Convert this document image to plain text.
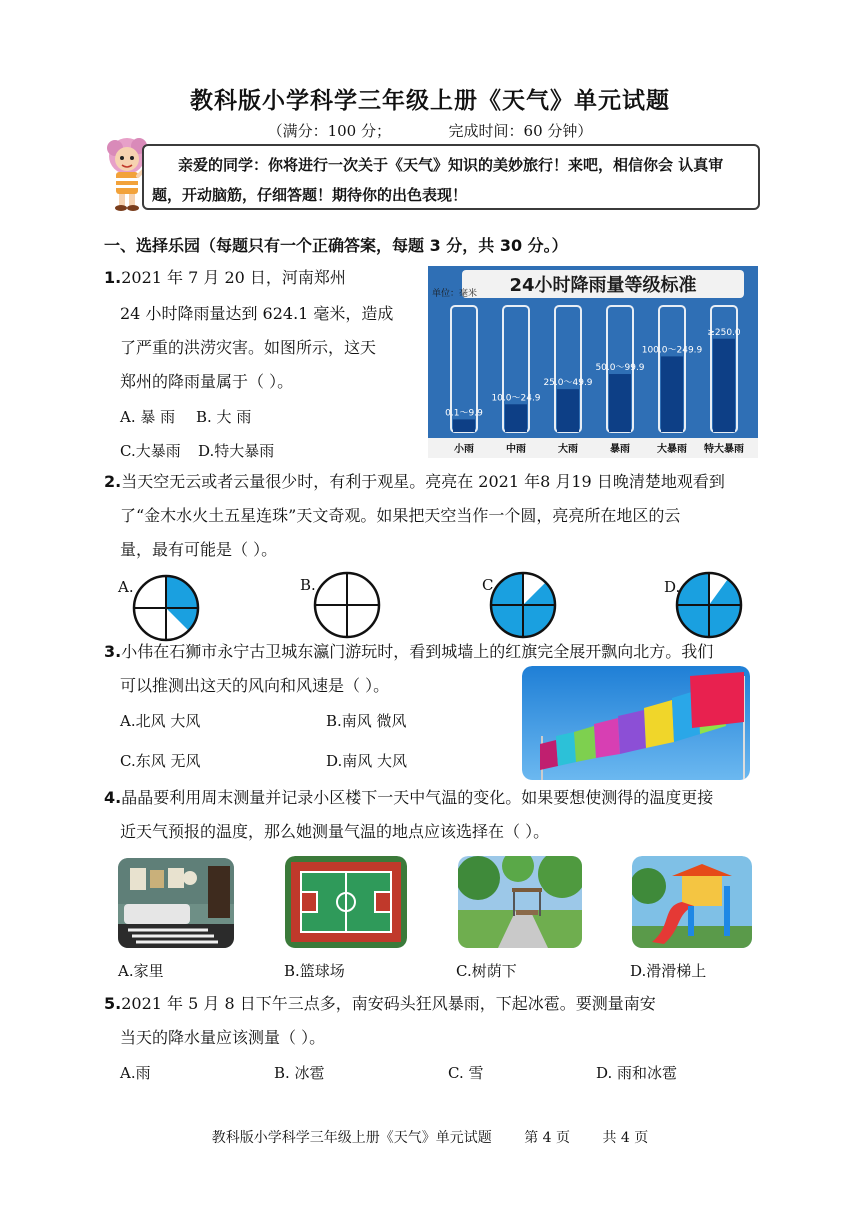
教科版小学科学三年级上册《天气》单元试题
（满分：100 分；	完成时间：60 分钟）
亲爱的同学：你将进行一次关于《天气》知识的美妙旅行！来吧，相信你会 认真审题，开动脑筋，仔细答题！期待你的出色表现！
一、选择乐园（每题只有一个正确答案，每题 3 分，共 30 分。）
1.2021 年 7 月 20 日，河南郑州
24 小时降雨量达到 624.1 毫米，造成
了严重的洪涝灾害。如图所示，这天
郑州的降雨量属于（ ）。
A. 暴 雨 B. 大 雨
C.大暴雨 D.特大暴雨
24小时降雨量等级标准
单位：毫米
0.1～9.9
小雨
10.0～24.9
中雨
25.0～49.9
大雨
50.0～99.9
暴雨
100.0～249.9
大暴雨
≥250.0
特大暴雨
2.当天空无云或者云量很少时，有利于观星。亮亮在 2021 年8 月19 日晚清楚地观看到
了“金木水火土五星连珠”天文奇观。如果把天空当作一个圆，亮亮所在地区的云
量，最有可能是（ ）。
A.	B.	C.	D.
3.小伟在石狮市永宁古卫城东瀛门游玩时，看到城墙上的红旗完全展开飘向北方。我们
可以推测出这天的风向和风速是（ ）。
A.北风 大风	B.南风 微风
C.东风 无风	D.南风 大风
4.晶晶要利用周末测量并记录小区楼下一天中气温的变化。如果要想使测得的温度更接
近天气预报的温度，那么她测量气温的地点应该选择在（ ）。
A.家里	B.篮球场	C.树荫下	D.滑滑梯上
5.2021 年 5 月 8 日下午三点多，南安码头狂风暴雨，下起冰雹。要测量南安
当天的降水量应该测量（ ）。
A.雨	B. 冰雹	C. 雪	D. 雨和冰雹
教科版小学科学三年级上册《天气》单元试题 第 4 页 共 4 页
